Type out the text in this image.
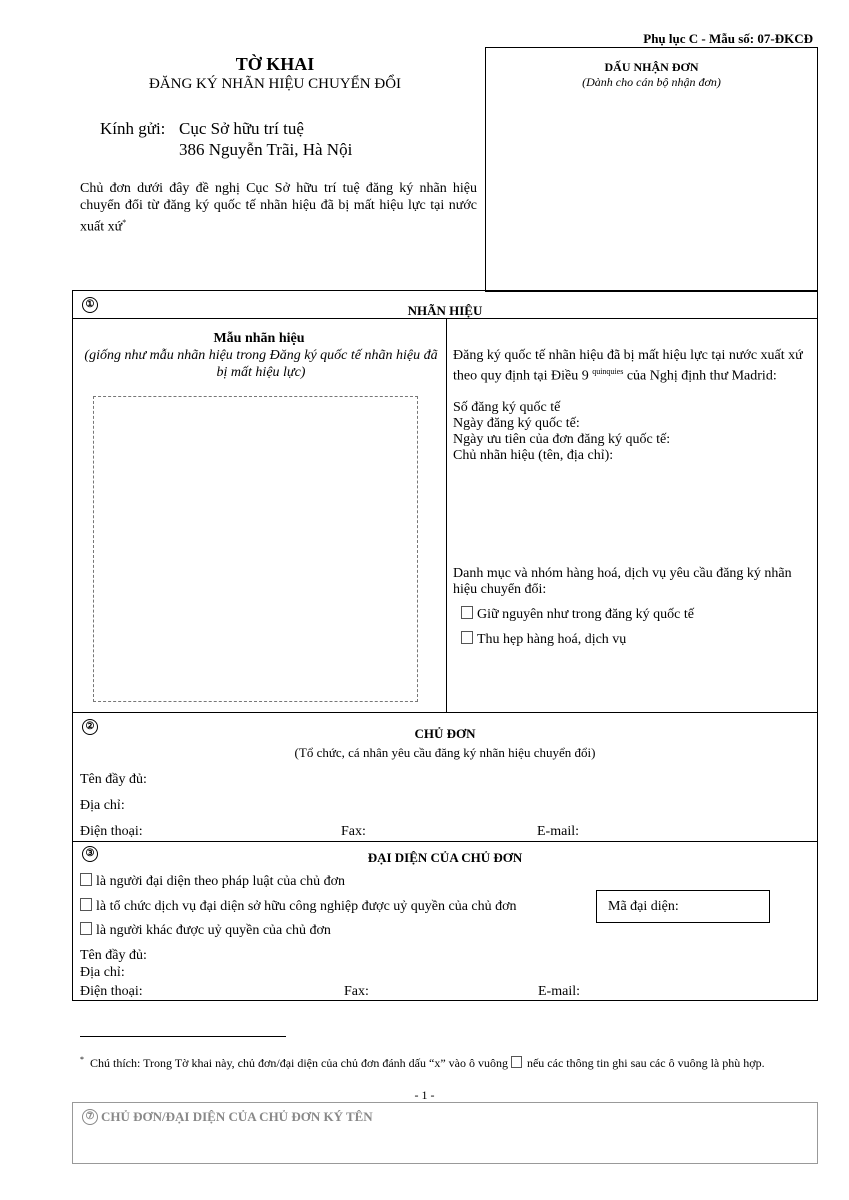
Phụ lục C - Mẫu số: 07-ĐKCĐ
TỜ KHAI
ĐĂNG KÝ NHÃN HIỆU CHUYỂN ĐỔI
Kính gửi: Cục Sở hữu trí tuệ
386 Nguyễn Trãi, Hà Nội
Chủ đơn dưới đây đề nghị Cục Sở hữu trí tuệ đăng ký nhãn hiệu chuyển đổi từ đăng ký quốc tế nhãn hiệu đã bị mất hiệu lực tại nước xuất xứ*
DẤU NHẬN ĐƠN
(Dành cho cán bộ nhận đơn)
①	NHÃN HIỆU
Mẫu nhãn hiệu
(giống như mẫu nhãn hiệu trong Đăng ký quốc tế nhãn hiệu đã bị mất hiệu lực)
Đăng ký quốc tế nhãn hiệu đã bị mất hiệu lực tại nước xuất xứ theo quy định tại Điều 9 $^{quinquies}$ của Nghị định thư Madrid:
Số đăng ký quốc tế
Ngày đăng ký quốc tế:
Ngày ưu tiên của đơn đăng ký quốc tế:
Chủ nhãn hiệu (tên, địa chỉ):
Danh mục và nhóm hàng hoá, dịch vụ yêu cầu đăng ký nhãn hiệu chuyển đổi:
Giữ nguyên như trong đăng ký quốc tế
Thu hẹp hàng hoá, dịch vụ
②	CHỦ ĐƠN
(Tổ chức, cá nhân yêu cầu đăng ký nhãn hiệu chuyển đổi)
Tên đầy đủ:
Địa chỉ:
Điện thoại:	Fax:	E-mail:
③	ĐẠI DIỆN CỦA CHỦ ĐƠN
là người đại diện theo pháp luật của chủ đơn
là tổ chức dịch vụ đại diện sở hữu công nghiệp được uỷ quyền của chủ đơn
là người khác được uỷ quyền của chủ đơn
Mã đại diện:
Tên đầy đủ:
Địa chỉ:
Điện thoại:	Fax:	E-mail:
* Chú thích: Trong Tờ khai này, chủ đơn/đại diện của chủ đơn đánh dấu “x” vào ô vuông nếu các thông tin ghi sau các ô vuông là phù hợp.
- 1 -
⑦ CHỦ ĐƠN/ĐẠI DIỆN CỦA CHỦ ĐƠN KÝ TÊN
